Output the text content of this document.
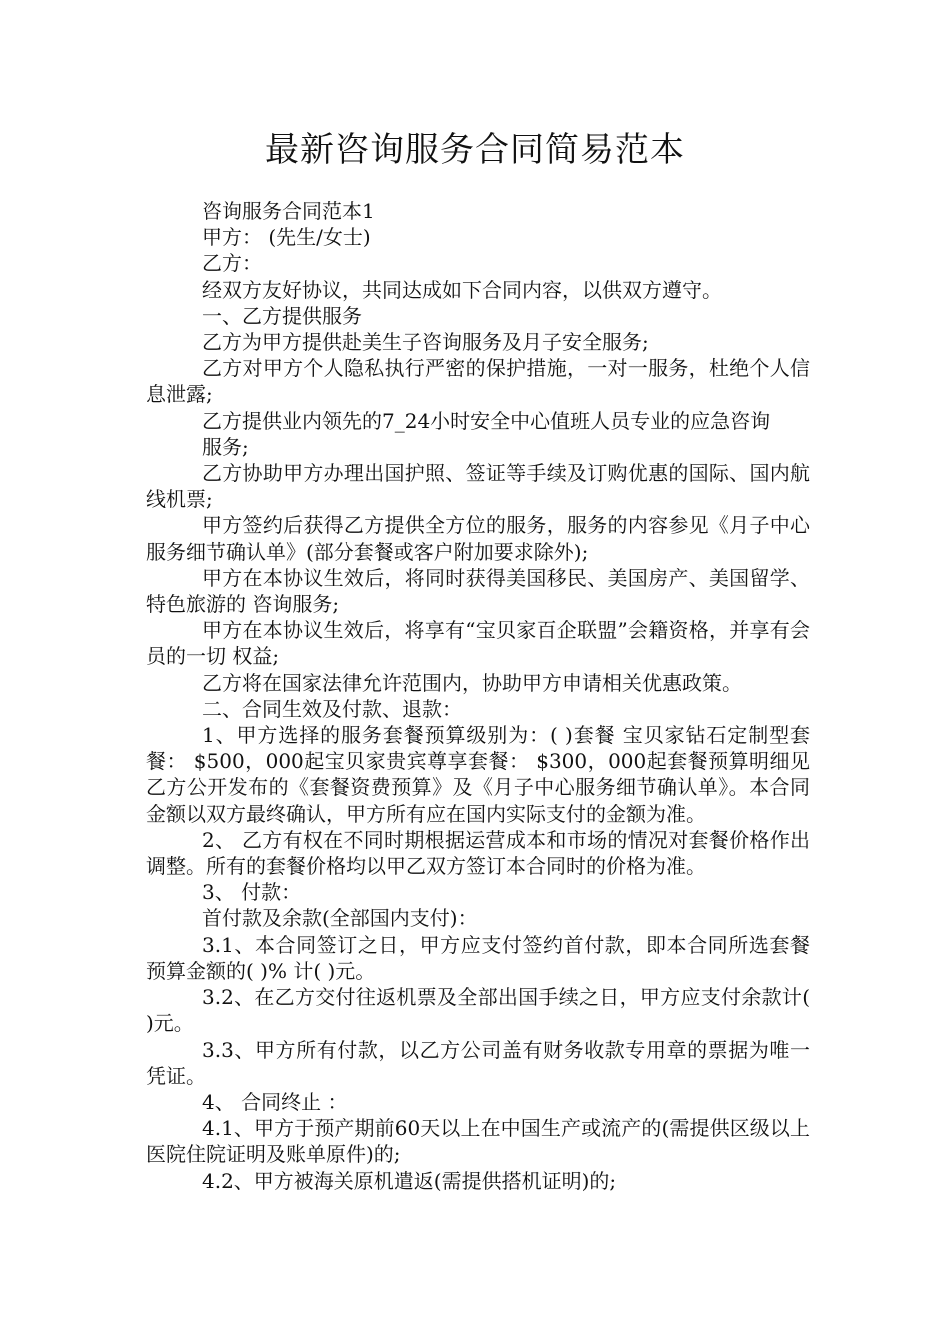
最新咨询服务合同简易范本

咨询服务合同范本1

甲方： (先生/女士)

乙方：

经双方友好协议，共同达成如下合同内容，以供双方遵守。

一、乙方提供服务

乙方为甲方提供赴美生子咨询服务及月子安全服务;

乙方对甲方个人隐私执行严密的保护措施，一对一服务，杜绝个人信息泄露;

乙方提供业内领先的7_24小时安全中心值班人员专业的应急咨询

服务;

乙方协助甲方办理出国护照、签证等手续及订购优惠的国际、国内航线机票;

甲方签约后获得乙方提供全方位的服务，服务的内容参见《月子中心 服务细节确认单》(部分套餐或客户附加要求除外);

甲方在本协议生效后，将同时获得美国移民、美国房产、美国留学、特色旅游的 咨询服务;

甲方在本协议生效后，将享有“宝贝家百企联盟”会籍资格，并享有会员的一切 权益;

乙方将在国家法律允许范围内，协助甲方申请相关优惠政策。

二、合同生效及付款、退款：

1、甲方选择的服务套餐预算级别为：( )套餐 宝贝家钻石定制型套餐： $500，000起宝贝家贵宾尊享套餐： $300，000起套餐预算明细见乙方公开发布的《套餐资费预算》及《月子中心服务细节确认单》。本合同金额以双方最终确认，甲方所有应在国内实际支付的金额为准。

2、 乙方有权在不同时期根据运营成本和市场的情况对套餐价格作出调整。所有的套餐价格均以甲乙双方签订本合同时的价格为准。

3、 付款：

首付款及余款(全部国内支付)：

3.1、本合同签订之日，甲方应支付签约首付款，即本合同所选套餐预算金额的( )% 计( )元。

3.2、在乙方交付往返机票及全部出国手续之日，甲方应支付余款计( )元。

3.3、甲方所有付款，以乙方公司盖有财务收款专用章的票据为唯一凭证。

4、 合同终止 ：

4.1、甲方于预产期前60天以上在中国生产或流产的(需提供区级以上医院住院证明及账单原件)的;

4.2、甲方被海关原机遣返(需提供搭机证明)的;
